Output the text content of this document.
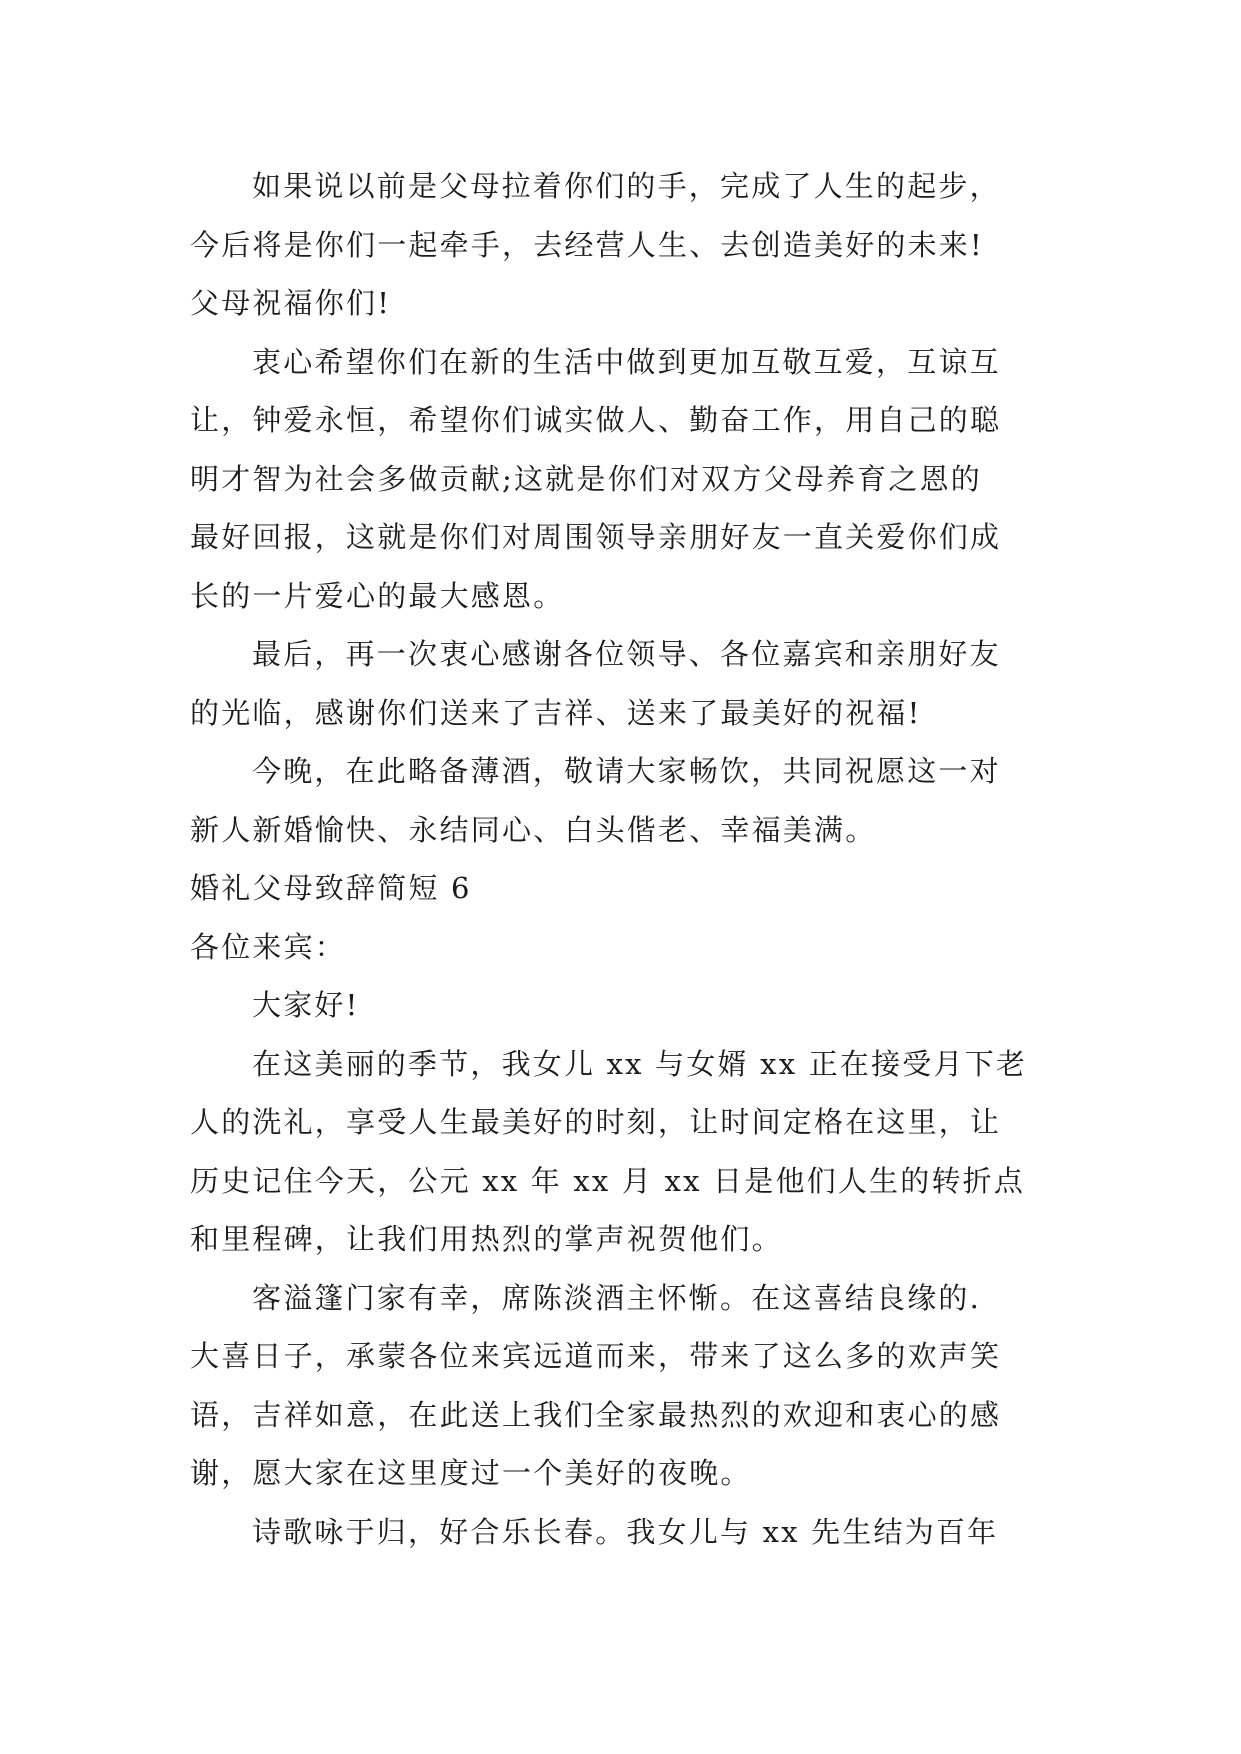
如果说以前是父母拉着你们的手，完成了人生的起步，
今后将是你们一起牵手，去经营人生、去创造美好的未来!
父母祝福你们!
衷心希望你们在新的生活中做到更加互敬互爱，互谅互
让，钟爱永恒，希望你们诚实做人、勤奋工作，用自己的聪
明才智为社会多做贡献;这就是你们对双方父母养育之恩的
最好回报，这就是你们对周围领导亲朋好友一直关爱你们成
长的一片爱心的最大感恩。
最后，再一次衷心感谢各位领导、各位嘉宾和亲朋好友
的光临，感谢你们送来了吉祥、送来了最美好的祝福!
今晚，在此略备薄酒，敬请大家畅饮，共同祝愿这一对
新人新婚愉快、永结同心、白头偕老、幸福美满。
婚礼父母致辞简短 6
各位来宾：
大家好!
在这美丽的季节，我女儿 xx 与女婿 xx 正在接受月下老
人的洗礼，享受人生最美好的时刻，让时间定格在这里，让
历史记住今天，公元 xx 年 xx 月 xx 日是他们人生的转折点
和里程碑，让我们用热烈的掌声祝贺他们。
客溢篷门家有幸，席陈淡酒主怀惭。在这喜结良缘的.
大喜日子，承蒙各位来宾远道而来，带来了这么多的欢声笑
语，吉祥如意，在此送上我们全家最热烈的欢迎和衷心的感
谢，愿大家在这里度过一个美好的夜晚。
诗歌咏于归，好合乐长春。我女儿与 xx 先生结为百年
